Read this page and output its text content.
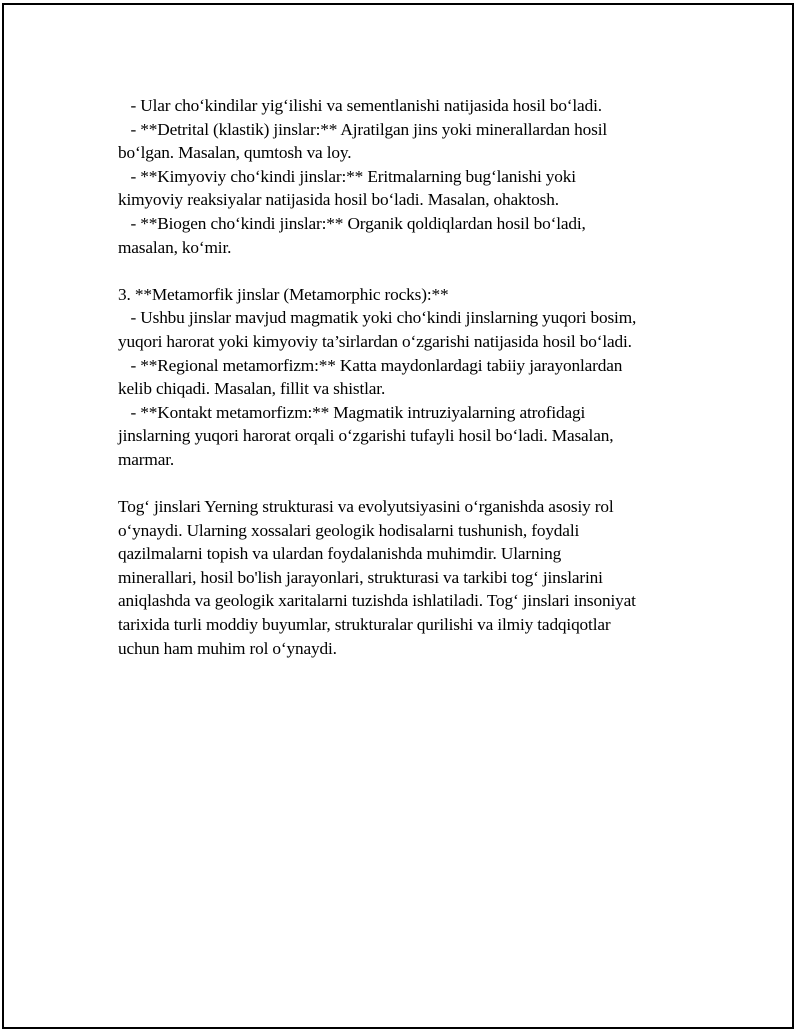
- Ular cho‘kindilar yig‘ilishi va sementlanishi natijasida hosil bo‘ladi.
- **Detrital (klastik) jinslar:** Ajratilgan jins yoki minerallardan hosil
bo‘lgan. Masalan, qumtosh va loy.
- **Kimyoviy cho‘kindi jinslar:** Eritmalarning bug‘lanishi yoki
kimyoviy reaksiyalar natijasida hosil bo‘ladi. Masalan, ohaktosh.
- **Biogen cho‘kindi jinslar:** Organik qoldiqlardan hosil bo‘ladi,
masalan, ko‘mir.
3. **Metamorfik jinslar (Metamorphic rocks):**
- Ushbu jinslar mavjud magmatik yoki cho‘kindi jinslarning yuqori bosim,
yuqori harorat yoki kimyoviy ta’sirlardan o‘zgarishi natijasida hosil bo‘ladi.
- **Regional metamorfizm:** Katta maydonlardagi tabiiy jarayonlardan
kelib chiqadi. Masalan, fillit va shistlar.
- **Kontakt metamorfizm:** Magmatik intruziyalarning atrofidagi
jinslarning yuqori harorat orqali o‘zgarishi tufayli hosil bo‘ladi. Masalan,
marmar.
Tog‘ jinslari Yerning strukturasi va evolyutsiyasini o‘rganishda asosiy rol
o‘ynaydi. Ularning xossalari geologik hodisalarni tushunish, foydali
qazilmalarni topish va ulardan foydalanishda muhimdir. Ularning
minerallari, hosil bo'lish jarayonlari, strukturasi va tarkibi tog‘ jinslarini
aniqlashda va geologik xaritalarni tuzishda ishlatiladi. Tog‘ jinslari insoniyat
tarixida turli moddiy buyumlar, strukturalar qurilishi va ilmiy tadqiqotlar
uchun ham muhim rol o‘ynaydi.
